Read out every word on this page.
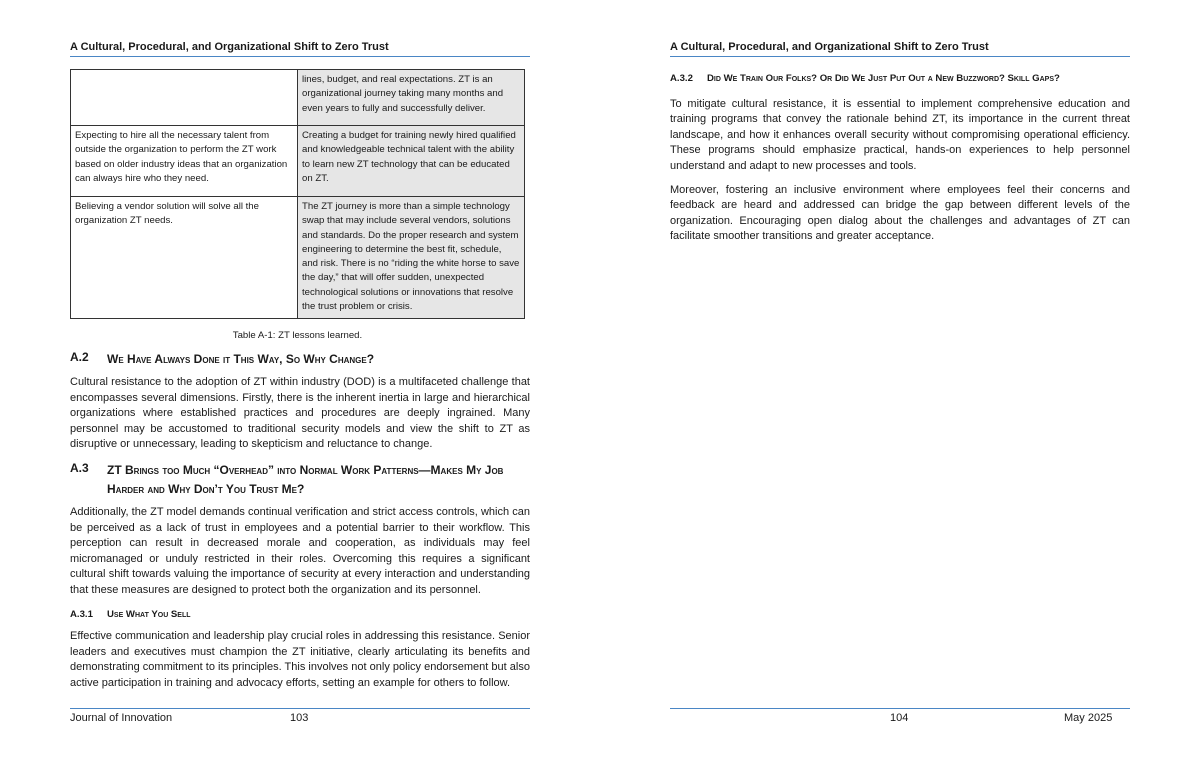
A Cultural, Procedural, and Organizational Shift to Zero Trust
	lines, budget, and real expectations. ZT is an organizational journey taking many months and even years to fully and successfully deliver.
Expecting to hire all the necessary talent from outside the organization to perform the ZT work based on older industry ideas that an organization can always hire who they need.	Creating a budget for training newly hired qualified and knowledgeable technical talent with the ability to learn new ZT technology that can be educated on ZT.
Believing a vendor solution will solve all the organization ZT needs.	The ZT journey is more than a simple technology swap that may include several vendors, solutions and standards. Do the proper research and system engineering to determine the best fit, schedule, and risk. There is no “riding the white horse to save the day,” that will offer sudden, unexpected technological solutions or innovations that resolve the trust problem or crisis.
Table A-1: ZT lessons learned.
A.2	We Have Always Done it This Way, So Why Change?

Cultural resistance to the adoption of ZT within industry (DOD) is a multifaceted challenge that encompasses several dimensions. Firstly, there is the inherent inertia in large and hierarchical organizations where established practices and procedures are deeply ingrained. Many personnel may be accustomed to traditional security models and view the shift to ZT as disruptive or unnecessary, leading to skepticism and reluctance to change.

A.3	ZT Brings too Much “Overhead” into Normal Work Patterns—Makes My Job Harder and Why Don’t You Trust Me?

Additionally, the ZT model demands continual verification and strict access controls, which can be perceived as a lack of trust in employees and a potential barrier to their workflow. This perception can result in decreased morale and cooperation, as individuals may feel micromanaged or unduly restricted in their roles. Overcoming this requires a significant cultural shift towards valuing the importance of security at every interaction and understanding that these measures are designed to protect both the organization and its personnel.

A.3.1	Use What You Sell

Effective communication and leadership play crucial roles in addressing this resistance. Senior leaders and executives must champion the ZT initiative, clearly articulating its benefits and demonstrating commitment to its principles. This involves not only policy endorsement but also active participation in training and advocacy efforts, setting an example for others to follow.

Journal of Innovation	103
A Cultural, Procedural, and Organizational Shift to Zero Trust
A.3.2	Did We Train Our Folks? Or Did We Just Put Out a New Buzzword? Skill Gaps?

To mitigate cultural resistance, it is essential to implement comprehensive education and training programs that convey the rationale behind ZT, its importance in the current threat landscape, and how it enhances overall security without compromising operational efficiency. These programs should emphasize practical, hands-on experiences to help personnel understand and adapt to new processes and tools.

Moreover, fostering an inclusive environment where employees feel their concerns and feedback are heard and addressed can bridge the gap between different levels of the organization. Encouraging open dialog about the challenges and advantages of ZT can facilitate smoother transitions and greater acceptance.

104	May 2025
